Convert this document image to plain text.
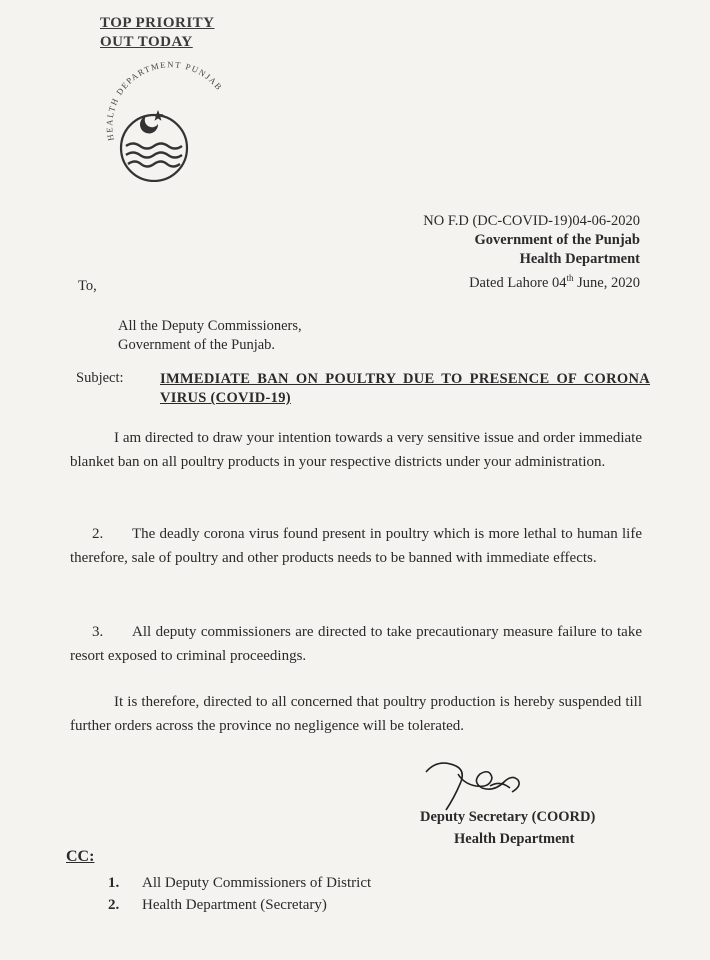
TOP PRIORITY
OUT TODAY
HEALTH DEPARTMENT PUNJAB
NO F.D (DC-COVID-19)04-06-2020
Government of the Punjab
Health Department
Dated Lahore 04th June, 2020
To,
All the Deputy Commissioners,
Government of the Punjab.
Subject:	IMMEDIATE BAN ON POULTRY DUE TO PRESENCE OF CORONA VIRUS (COVID-19)
I am directed to draw your intention towards a very sensitive issue and order immediate blanket ban on all poultry products in your respective districts under your administration.
2. The deadly corona virus found present in poultry which is more lethal to human life therefore, sale of poultry and other products needs to be banned with immediate effects.
3. All deputy commissioners are directed to take precautionary measure failure to take resort exposed to criminal proceedings.
It is therefore, directed to all concerned that poultry production is hereby suspended till further orders across the province no negligence will be tolerated.
Deputy Secretary (COORD)
Health Department
CC:
1. All Deputy Commissioners of District
2. Health Department (Secretary)
